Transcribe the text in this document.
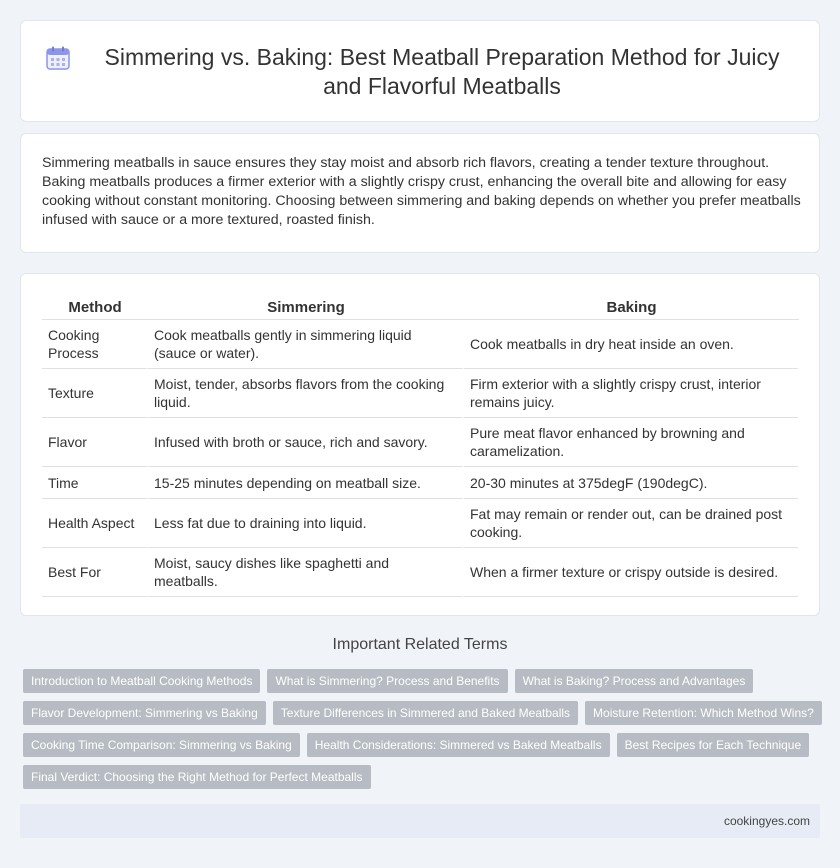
Simmering vs. Baking: Best Meatball Preparation Method for Juicy and Flavorful Meatballs

Simmering meatballs in sauce ensures they stay moist and absorb rich flavors, creating a tender texture throughout. Baking meatballs produces a firmer exterior with a slightly crispy crust, enhancing the overall bite and allowing for easy cooking without constant monitoring. Choosing between simmering and baking depends on whether you prefer meatballs infused with sauce or a more textured, roasted finish.

Method	Simmering	Baking
Cooking Process	Cook meatballs gently in simmering liquid (sauce or water).	Cook meatballs in dry heat inside an oven.
Texture	Moist, tender, absorbs flavors from the cooking liquid.	Firm exterior with a slightly crispy crust, interior remains juicy.
Flavor	Infused with broth or sauce, rich and savory.	Pure meat flavor enhanced by browning and caramelization.
Time	15-25 minutes depending on meatball size.	20-30 minutes at 375degF (190degC).
Health Aspect	Less fat due to draining into liquid.	Fat may remain or render out, can be drained post cooking.
Best For	Moist, saucy dishes like spaghetti and meatballs.	When a firmer texture or crispy outside is desired.
Important Related Terms
Introduction to Meatball Cooking Methods	What is Simmering? Process and Benefits	What is Baking? Process and Advantages
Flavor Development: Simmering vs Baking	Texture Differences in Simmered and Baked Meatballs	Moisture Retention: Which Method Wins?
Cooking Time Comparison: Simmering vs Baking	Health Considerations: Simmered vs Baked Meatballs	Best Recipes for Each Technique
Final Verdict: Choosing the Right Method for Perfect Meatballs
cookingyes.com
